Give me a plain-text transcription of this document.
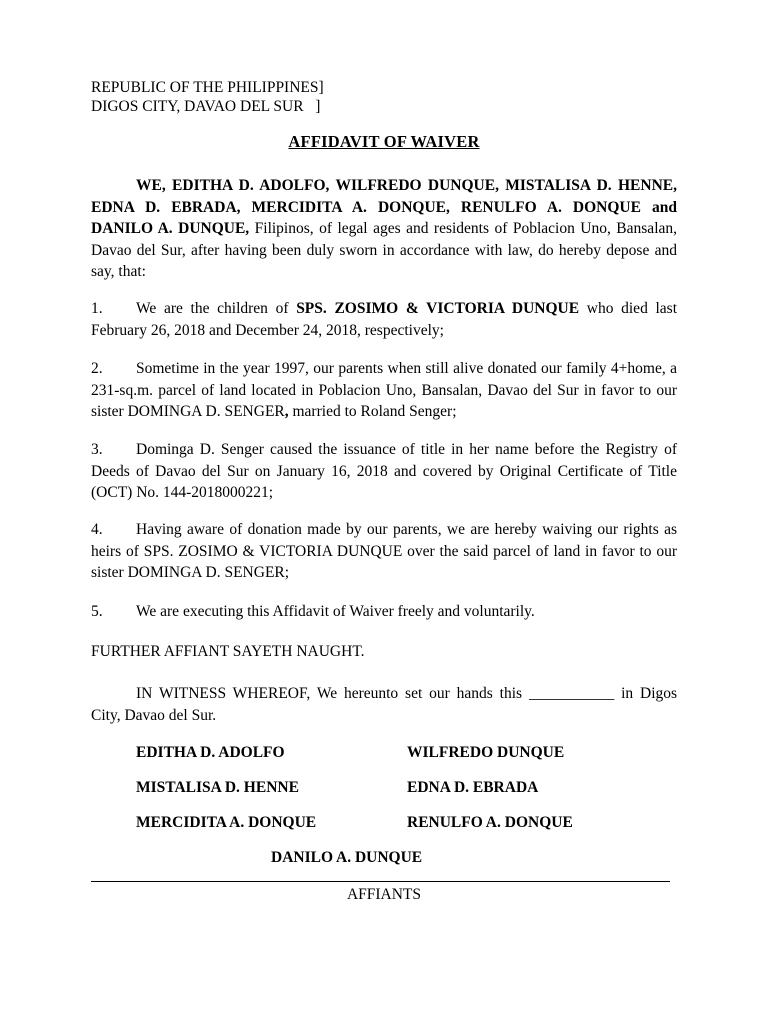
REPUBLIC OF THE PHILIPPINES]
DIGOS CITY, DAVAO DEL SUR   ]
AFFIDAVIT OF WAIVER
WE, EDITHA D. ADOLFO, WILFREDO DUNQUE, MISTALISA D. HENNE, EDNA D. EBRADA, MERCIDITA A. DONQUE, RENULFO A. DONQUE and DANILO A. DUNQUE, Filipinos, of legal ages and residents of Poblacion Uno, Bansalan, Davao del Sur, after having been duly sworn in accordance with law, do hereby depose and say, that:
1. We are the children of SPS. ZOSIMO & VICTORIA DUNQUE who died last February 26, 2018 and December 24, 2018, respectively;
2. Sometime in the year 1997, our parents when still alive donated our family 4+home, a 231-sq.m. parcel of land located in Poblacion Uno, Bansalan, Davao del Sur in favor to our sister DOMINGA D. SENGER, married to Roland Senger;
3. Dominga D. Senger caused the issuance of title in her name before the Registry of Deeds of Davao del Sur on January 16, 2018 and covered by Original Certificate of Title (OCT) No. 144-2018000221;
4. Having aware of donation made by our parents, we are hereby waiving our rights as heirs of SPS. ZOSIMO & VICTORIA DUNQUE over the said parcel of land in favor to our sister DOMINGA D. SENGER;
5. We are executing this Affidavit of Waiver freely and voluntarily.
FURTHER AFFIANT SAYETH NAUGHT.
IN WITNESS WHEREOF, We hereunto set our hands this ___________ in Digos City, Davao del Sur.
EDITHA D. ADOLFO	WILFREDO DUNQUE
MISTALISA D. HENNE	EDNA D. EBRADA
MERCIDITA A. DONQUE	RENULFO A. DONQUE
DANILO A. DUNQUE
AFFIANTS
